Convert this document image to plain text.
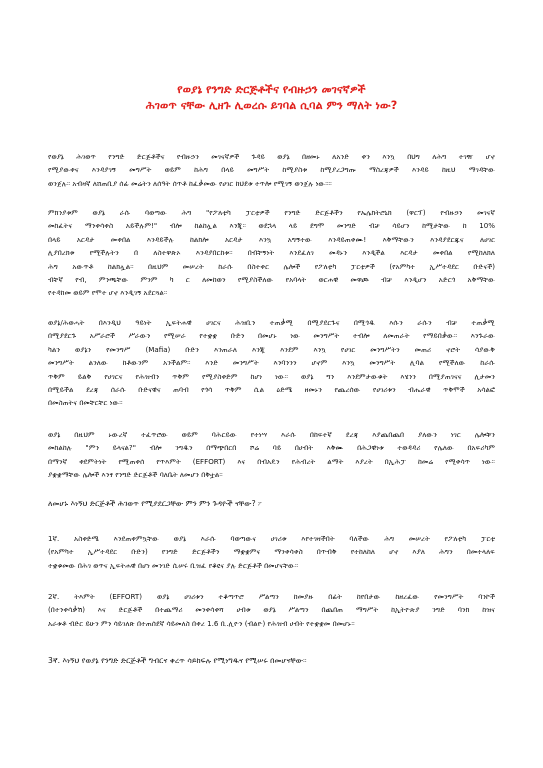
የወያኔ የንግድ ድርጅቶችና የብዙኃን መገናኛዎች
ሕገወጥ ናቸው ሊዘጉ ሊወረሱ ይገባል ሲባል ምን ማለት ነው?
የወያኔ ሕገወጥ የንግድ ድርጅቶችና የብዙኃን መገናኛዎች ጉዳይ ወያኔ በዘመኑ ለአንድ ቀን እንኳ በህግ ለሕግ ተገዥ ሆኖ
የሚያውቀና እንዳያገኝ መግሥት ወይም ከሕግ በላይ መግሥት ከሚያስቱ ከሚያረጋግጡ ማስረጃዎች እንዳይ ከዚህ ማገዳቸው
ወንጀሉ። አብዛኛ ለሸጠቢያ ሰፊ መሬትን ለሰዓት ሰጥቶ ከፈቃመው የሀገር ከህደቱ ተጥሎ የሚገኝ ወንጀሉ ነው።።
ምክንያቱም ወያኔ ራሱ ባወጣው ሕግ "የፖለቲካ ፓርቲዎች የንግድ ድርጅቶችን የኤሌክትሮኒክ (ዋርፕ) የብዙኃን መገናኛ
መከፈትና ማንቀሳቀስ አይችሉም!" ብሎ ከልከሏል እንጂ። ወደኋላ ላይ ደግሞ መንግድ ብቻ ሳይሆን ከሚታቸው ከ 10%
በላይ አርዳታ መቀበል እንዳይችሉ ከልክሎ አርዳታ እንኳ አግኝተው እንዳይጠቀሙ! እቅማቸውን እንዳያደርጁና ለሀገር
ሊያበረክቱ የሚችሉትን በ ለስተዋጽኦ እንዳያበርከቱ። በብቸኝነት እንደፈለገ መዳኑን እንዲችል እርዳታ መቀበል የሚከለክለ
ሕግ አውጥቶ ከልክሏል። በዚህም መሠረት ከራሱ በስተቀር ሌሎች የፖለቲካ ፓርቲዎች (የአምካተ ኢሥተዳደር ቡድናች)
ብቸኛ የብ, ምንጫቸው ምንም ካ ር ለመከወን የሚያስችለው የአባላት ወርሐዊ መዋጮ ብቻ እንዲሆን አድርጎ አቅማቸው
የተዳከመ ወይም የሞተ ሆኖ እንዲገኝ አደርጓል።
ወያኔ/ሕወሓት በእንዲህ ዓይነት ኢፍትሐዊ ሀገርና ሕዝቢን ተጠቃሚ በሚያደርጉና በሚጎዱ እሱን ራሱን ብቻ ተጠቃሚ
በሚያደርጉ አሥራሮች ሥራውን የሚሠራ የተቋቋ ቡድን በመሆኑ ነው መንግሥት ተብሎ ለመጠራት የማይበቃው። እንጉራው
ካልን ወያኔን የመንግሥ (Mafia) ቡድን እንጠራለ እንጂ እንደም እንኳ የሀገር መንግሥትን መጠሪ ኖሮት ሳያውቅ
መንግሥት ልንለው ከቶውንም አንችልም። እንድ መንግሥት እንባንንን ሆኖም እንኳ መንግሥት ሊባል የሚችለው ከራሱ
ጥቅም ይልቅ የሀገርና የሕዝብን ጥቅም የሚያስቀድም ከሆነ ነው። ወያኔ ግን እንደምታውቁት እሄንን በሚያጠገናና ሊታመን
በሚይችል ደረጃ ሰራሱ ቡድናዊና ጠባብ የጎሳ ጥቅም ሲል ዕድሜ ዘመኑን የጨረሰው የሀገሪቱን ብሔራዊ ጥቅሞች አሳልፎ
በመስጠትና በመቸርቸር ነው።
ወያኔ በዚህም ኑውረኛ ተፈጥሮው ወይም ባሕርይው የተነሣ እራሱ በከፍተኛ ደረጃ እያጨበጨበ ያለውን ነገር ሌሎቹን
መከልከሉ "ምን ይላናል?" ብሎ ንግዱን በማጭበርበ ሾሬ ባይ በሀብት እቅሙ በሕጋዊነቱ ተወዳዳሪ የሌለው በአፍሪካም
በማንኛ ቀደምትነት የሚጠቀሰ የጥእምት (EFFORT) እና በብአዴን የሕብረት ልማት እያረት በኢሕፓ ከመሬ የሚቀሳጥ ነው።
ያቋቋማቸው ሌሎች እንፃ የንግድ ድርጅቶች ባለቤት ለመሆን በቅቷል።
ለመሆኑ እነኝህ ድርጅቶች ሕገወጥ የሚያደርጋቸው ምን ምን ጉዳዮች ናቸው? ፦
1ኛ. አስቀድሜ እንደጠቀምኳቸው ወያኔ እራሱ ባወጣውና ሀገሪቱ እየተገዛችበት ባለችው ሕግ መሠረት የፖለቲካ ፓርቲ
(የአምካተ ኢሥተዳደር ቡድን) የንግድ ድርጅቶችን ማቋቋምና ማንቀሳቀስ በጥብቅ የተከለከለ ሆኖ እያለ ሕግን በመተላለፍ
ተቋቁመው በሕገ ወጥና ኢፍትሐዊ በሆነ መንገድ ሲሠሩ ቢዝፈ የቆዩና ያሉ ድርጅቶች በመሆናቸው።
2ኛ. ትእምት (EFFORT) ወያኔ ሀገሪቱን ተቆጣጥሮ ሥልጣን ከመያዙ በፊት ከየበታው ከዘረፈው የመንግሥት ባንኮች
(በተንቀሳቃሽ) እና ድርጅቶች በተጨማሪ መንቀሳቀሻ ሀብቱ ወያኔ ሥልጣን በጨበጠ ማግሥት ከኢትዮጵያ ንግድ ባንክ ከዝና
አራቱቶ ብድር ይሁን ምን ሳይገለጽ በተጠሰደኛ ሳይመለስ በቀረ 1.6 ቢ.ሊዮን (ብልዮ) የሕዝብ ሀብት የተቋቋመ በመሆኑ።
3ኛ. እነኝህ የወያኔ የንግድ ድርጅቶች ግብርና ቀረጥ ሳይከፍሉ የሚነግዱና የሚሠሩ በመሆናቸው።
